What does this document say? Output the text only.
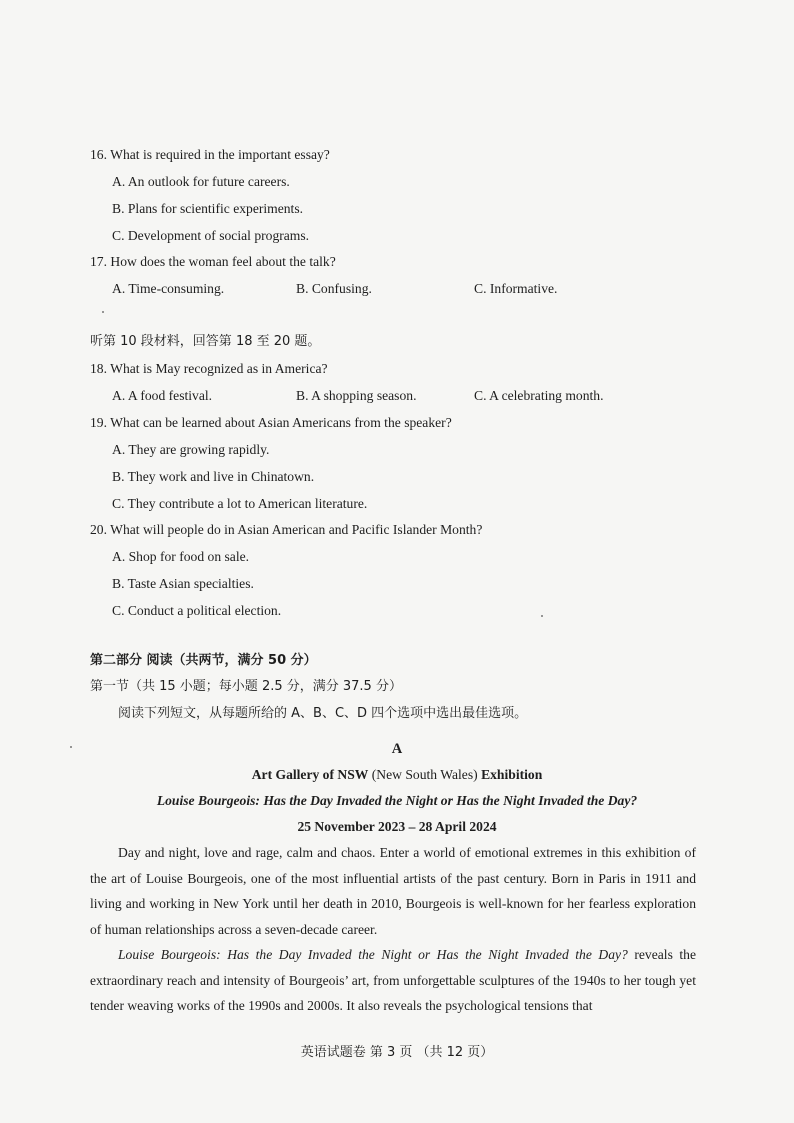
16. What is required in the important essay?
A. An outlook for future careers.
B. Plans for scientific experiments.
C. Development of social programs.
17. How does the woman feel about the talk?
A. Time-consuming.	B. Confusing.	C. Informative.
听第 10 段材料，回答第 18 至 20 题。
18. What is May recognized as in America?
A. A food festival.	B. A shopping season.	C. A celebrating month.
19. What can be learned about Asian Americans from the speaker?
A. They are growing rapidly.
B. They work and live in Chinatown.
C. They contribute a lot to American literature.
20. What will people do in Asian American and Pacific Islander Month?
A. Shop for food on sale.
B. Taste Asian specialties.
C. Conduct a political election.
第二部分 阅读（共两节，满分 50 分）
第一节（共 15 小题；每小题 2.5 分，满分 37.5 分）
阅读下列短文，从每题所给的 A、B、C、D 四个选项中选出最佳选项。
A
Art Gallery of NSW (New South Wales) Exhibition
Louise Bourgeois: Has the Day Invaded the Night or Has the Night Invaded the Day?
25 November 2023 – 28 April 2024
Day and night, love and rage, calm and chaos. Enter a world of emotional extremes in this exhibition of the art of Louise Bourgeois, one of the most influential artists of the past century. Born in Paris in 1911 and living and working in New York until her death in 2010, Bourgeois is well-known for her fearless exploration of human relationships across a seven-decade career.
Louise Bourgeois: Has the Day Invaded the Night or Has the Night Invaded the Day? reveals the extraordinary reach and intensity of Bourgeois’ art, from unforgettable sculptures of the 1940s to her tough yet tender weaving works of the 1990s and 2000s. It also reveals the psychological tensions that
英语试题卷 第 3 页 （共 12 页）
